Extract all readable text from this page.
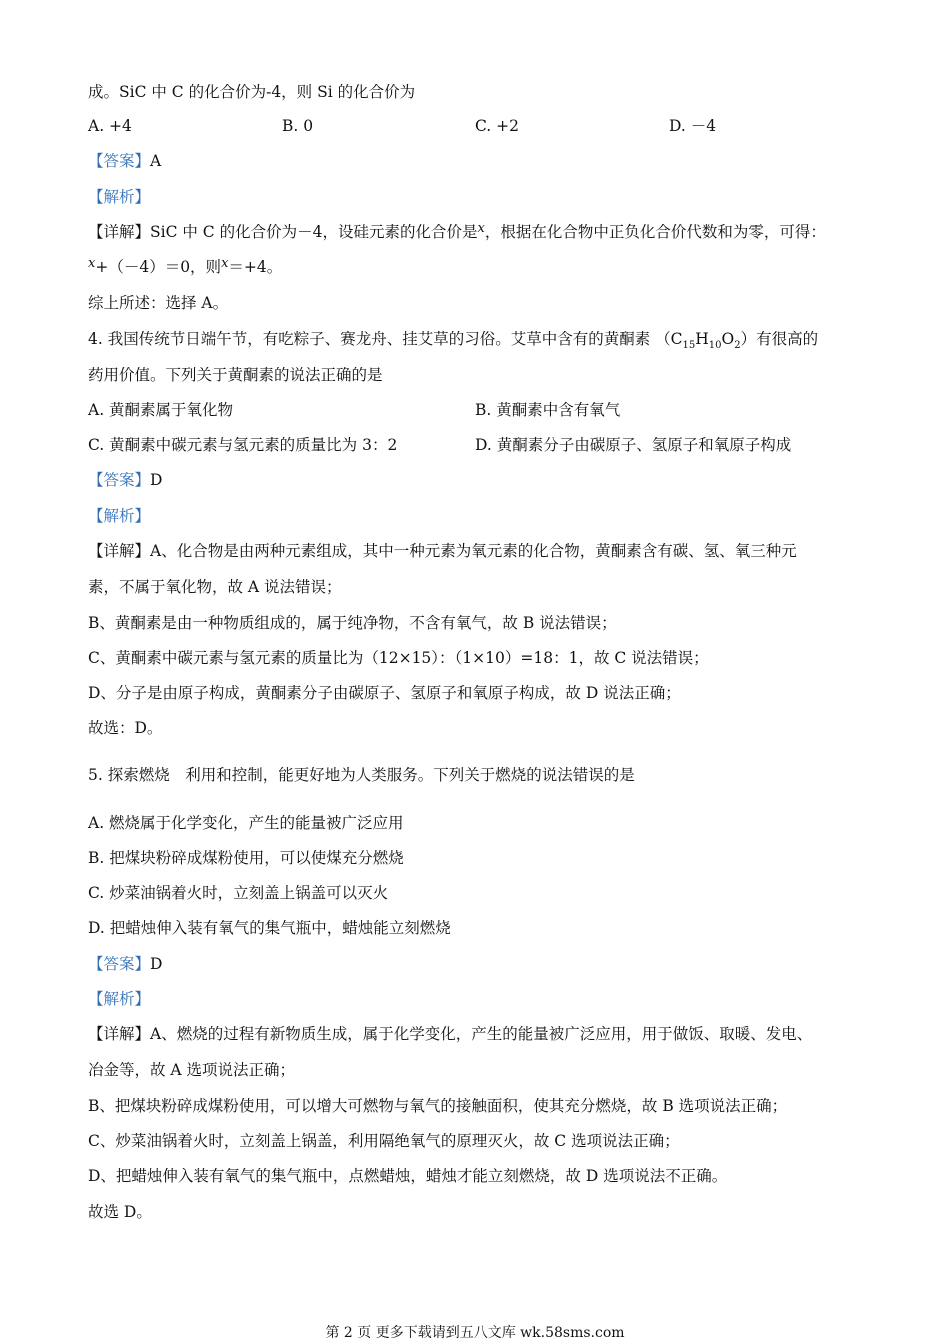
成。SiC 中 C 的化合价为-4，则 Si 的化合价为
A. +4	B. 0	C. +2	D. －4
【答案】A
【解析】
【详解】SiC 中 C 的化合价为－4，设硅元素的化合价是$^x$，根据在化合物中正负化合价代数和为零，可得：
$^x$+（－4）＝0，则$^x$＝+4。
综上所述：选择 A。
4. 我国传统节日端午节，有吃粽子、赛龙舟、挂艾草的习俗。艾草中含有的黄酮素 $(C_{15}H_{10}O_2)$有很高的
药用价值。下列关于黄酮素的说法正确的是
A. 黄酮素属于氧化物	B. 黄酮素中含有氧气
C. 黄酮素中碳元素与氢元素的质量比为 3：2	D. 黄酮素分子由碳原子、氢原子和氧原子构成
【答案】D
【解析】
【详解】A、化合物是由两种元素组成，其中一种元素为氧元素的化合物，黄酮素含有碳、氢、氧三种元
素，不属于氧化物，故 A 说法错误；
B、黄酮素是由一种物质组成的，属于纯净物，不含有氧气，故 B 说法错误；
C、黄酮素中碳元素与氢元素的质量比为（12×15）：（1×10）=18：1，故 C 说法错误；
D、分子是由原子构成，黄酮素分子由碳原子、氢原子和氧原子构成，故 D 说法正确；
故选：D。
5. 探索燃烧　利用和控制，能更好地为人类服务。下列关于燃烧的说法错误的是
A. 燃烧属于化学变化，产生的能量被广泛应用
B. 把煤块粉碎成煤粉使用，可以使煤充分燃烧
C. 炒菜油锅着火时，立刻盖上锅盖可以灭火
D. 把蜡烛伸入装有氧气的集气瓶中，蜡烛能立刻燃烧
【答案】D
【解析】
【详解】A、燃烧的过程有新物质生成，属于化学变化，产生的能量被广泛应用，用于做饭、取暖、发电、
冶金等，故 A 选项说法正确；
B、把煤块粉碎成煤粉使用，可以增大可燃物与氧气的接触面积，使其充分燃烧，故 B 选项说法正确；
C、炒菜油锅着火时，立刻盖上锅盖，利用隔绝氧气的原理灭火，故 C 选项说法正确；
D、把蜡烛伸入装有氧气的集气瓶中，点燃蜡烛，蜡烛才能立刻燃烧，故 D 选项说法不正确。
故选 D。
第 2 页 更多下载请到五八文库 wk.58sms.com
